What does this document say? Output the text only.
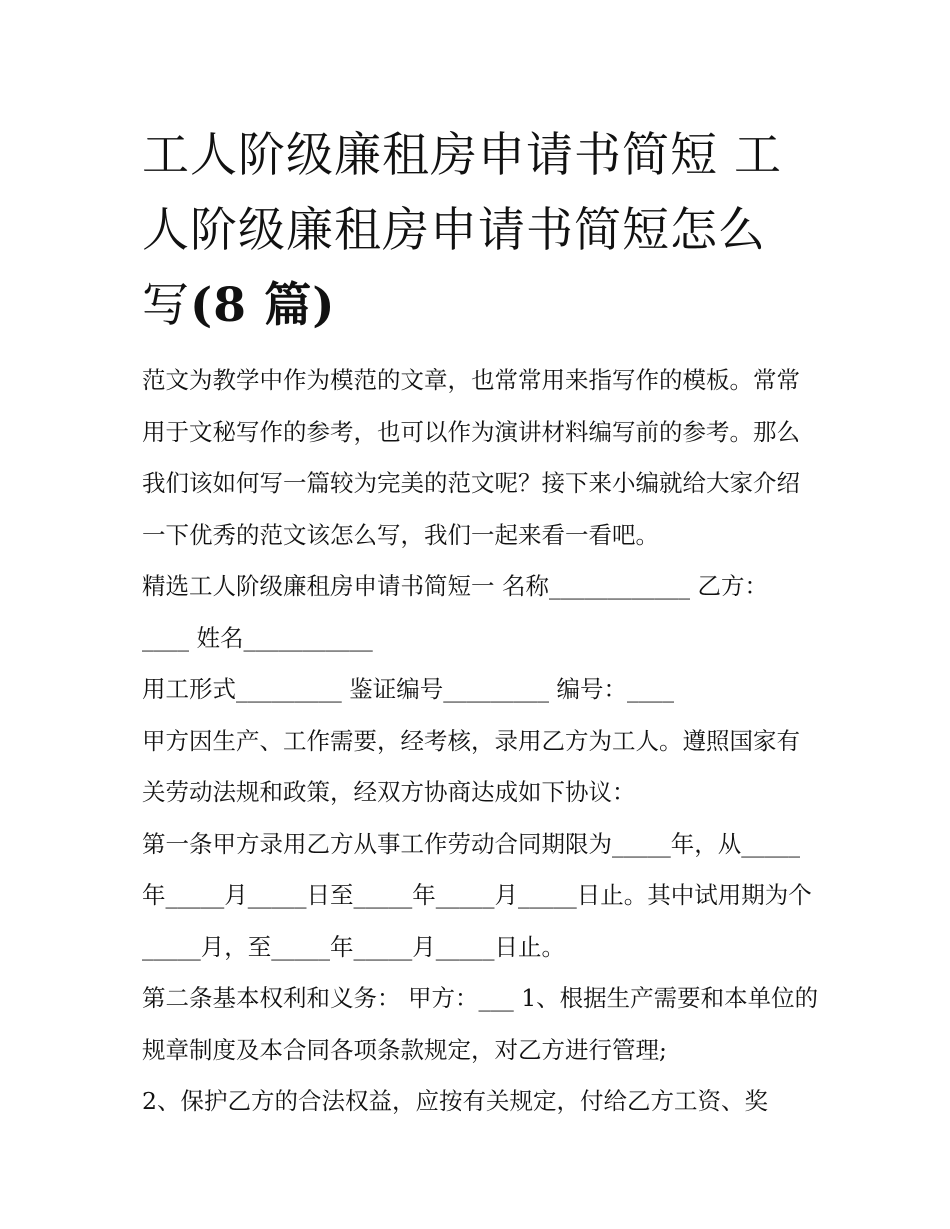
工人阶级廉租房申请书简短 工
人阶级廉租房申请书简短怎么
写(8 篇)

范文为教学中作为模范的文章，也常常用来指写作的模板。常常用于文秘写作的参考，也可以作为演讲材料编写前的参考。那么我们该如何写一篇较为完美的范文呢？接下来小编就给大家介绍一下优秀的范文该怎么写，我们一起来看一看吧。

精选工人阶级廉租房申请书简短一 名称____________ 乙方：

____ 姓名___________

用工形式_________ 鉴证编号_________ 编号：____

甲方因生产、工作需要，经考核，录用乙方为工人。遵照国家有关劳动法规和政策，经双方协商达成如下协议：

第一条甲方录用乙方从事工作劳动合同期限为_____年，从_____年_____月_____日至_____年_____月_____日止。其中试用期为个_____月，至_____年_____月_____日止。

第二条基本权利和义务： 甲方：___ 1、根据生产需要和本单位的规章制度及本合同各项条款规定，对乙方进行管理;

2、保护乙方的合法权益，应按有关规定，付给乙方工资、奖
